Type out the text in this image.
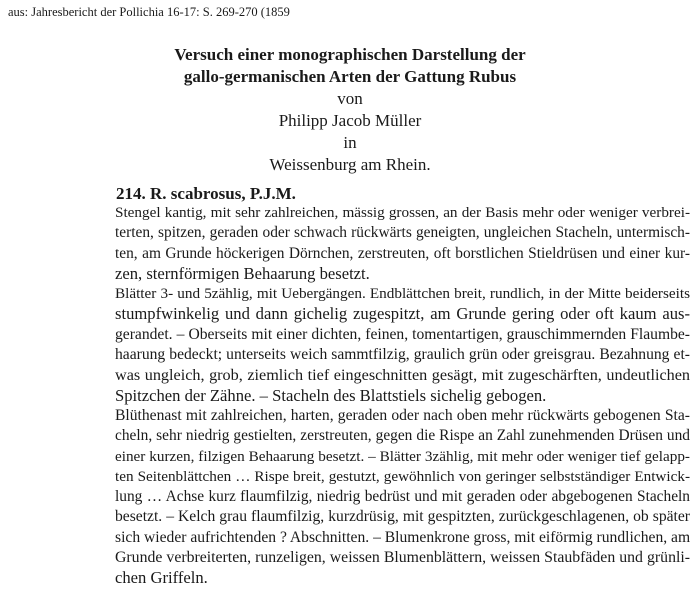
aus: Jahresbericht der Pollichia 16-17: S. 269-270 (1859
Versuch einer monographischen Darstellung der
gallo-germanischen Arten der Gattung Rubus
von
Philipp Jacob Müller
in
Weissenburg am Rhein.
214. R. scabrosus, P.J.M.
Stengel kantig, mit sehr zahlreichen, mässig grossen, an der Basis mehr oder weniger verbrei-
terten, spitzen, geraden oder schwach rückwärts geneigten, ungleichen Stacheln, untermisch-
ten, am Grunde höckerigen Dörnchen, zerstreuten, oft borstlichen Stieldrüsen und einer kur-
zen, sternförmigen Behaarung besetzt.
Blätter 3- und 5zählig, mit Uebergängen. Endblättchen breit, rundlich, in der Mitte beiderseits
stumpfwinkelig und dann gichelig zugespitzt, am Grunde gering oder oft kaum aus-
gerandet. – Oberseits mit einer dichten, feinen, tomentartigen, grauschimmernden Flaumbe-
haarung bedeckt; unterseits weich sammtfilzig, graulich grün oder greisgrau. Bezahnung et-
was ungleich, grob, ziemlich tief eingeschnitten gesägt, mit zugeschärften, undeutlichen
Spitzchen der Zähne. – Stacheln des Blattstiels sichelig gebogen.
Blüthenast mit zahlreichen, harten, geraden oder nach oben mehr rückwärts gebogenen Sta-
cheln, sehr niedrig gestielten, zerstreuten, gegen die Rispe an Zahl zunehmenden Drüsen und
einer kurzen, filzigen Behaarung besetzt. – Blätter 3zählig, mit mehr oder weniger tief gelapp-
ten Seitenblättchen … Rispe breit, gestutzt, gewöhnlich von geringer selbstständiger Entwick-
lung … Achse kurz flaumfilzig, niedrig bedrüst und mit geraden oder abgebogenen Stacheln
besetzt. – Kelch grau flaumfilzig, kurzdrüsig, mit gespitzten, zurückgeschlagenen, ob später
sich wieder aufrichtenden ? Abschnitten. – Blumenkrone gross, mit eiförmig rundlichen, am
Grunde verbreiterten, runzeligen, weissen Blumenblättern, weissen Staubfäden und grünli-
chen Griffeln.
